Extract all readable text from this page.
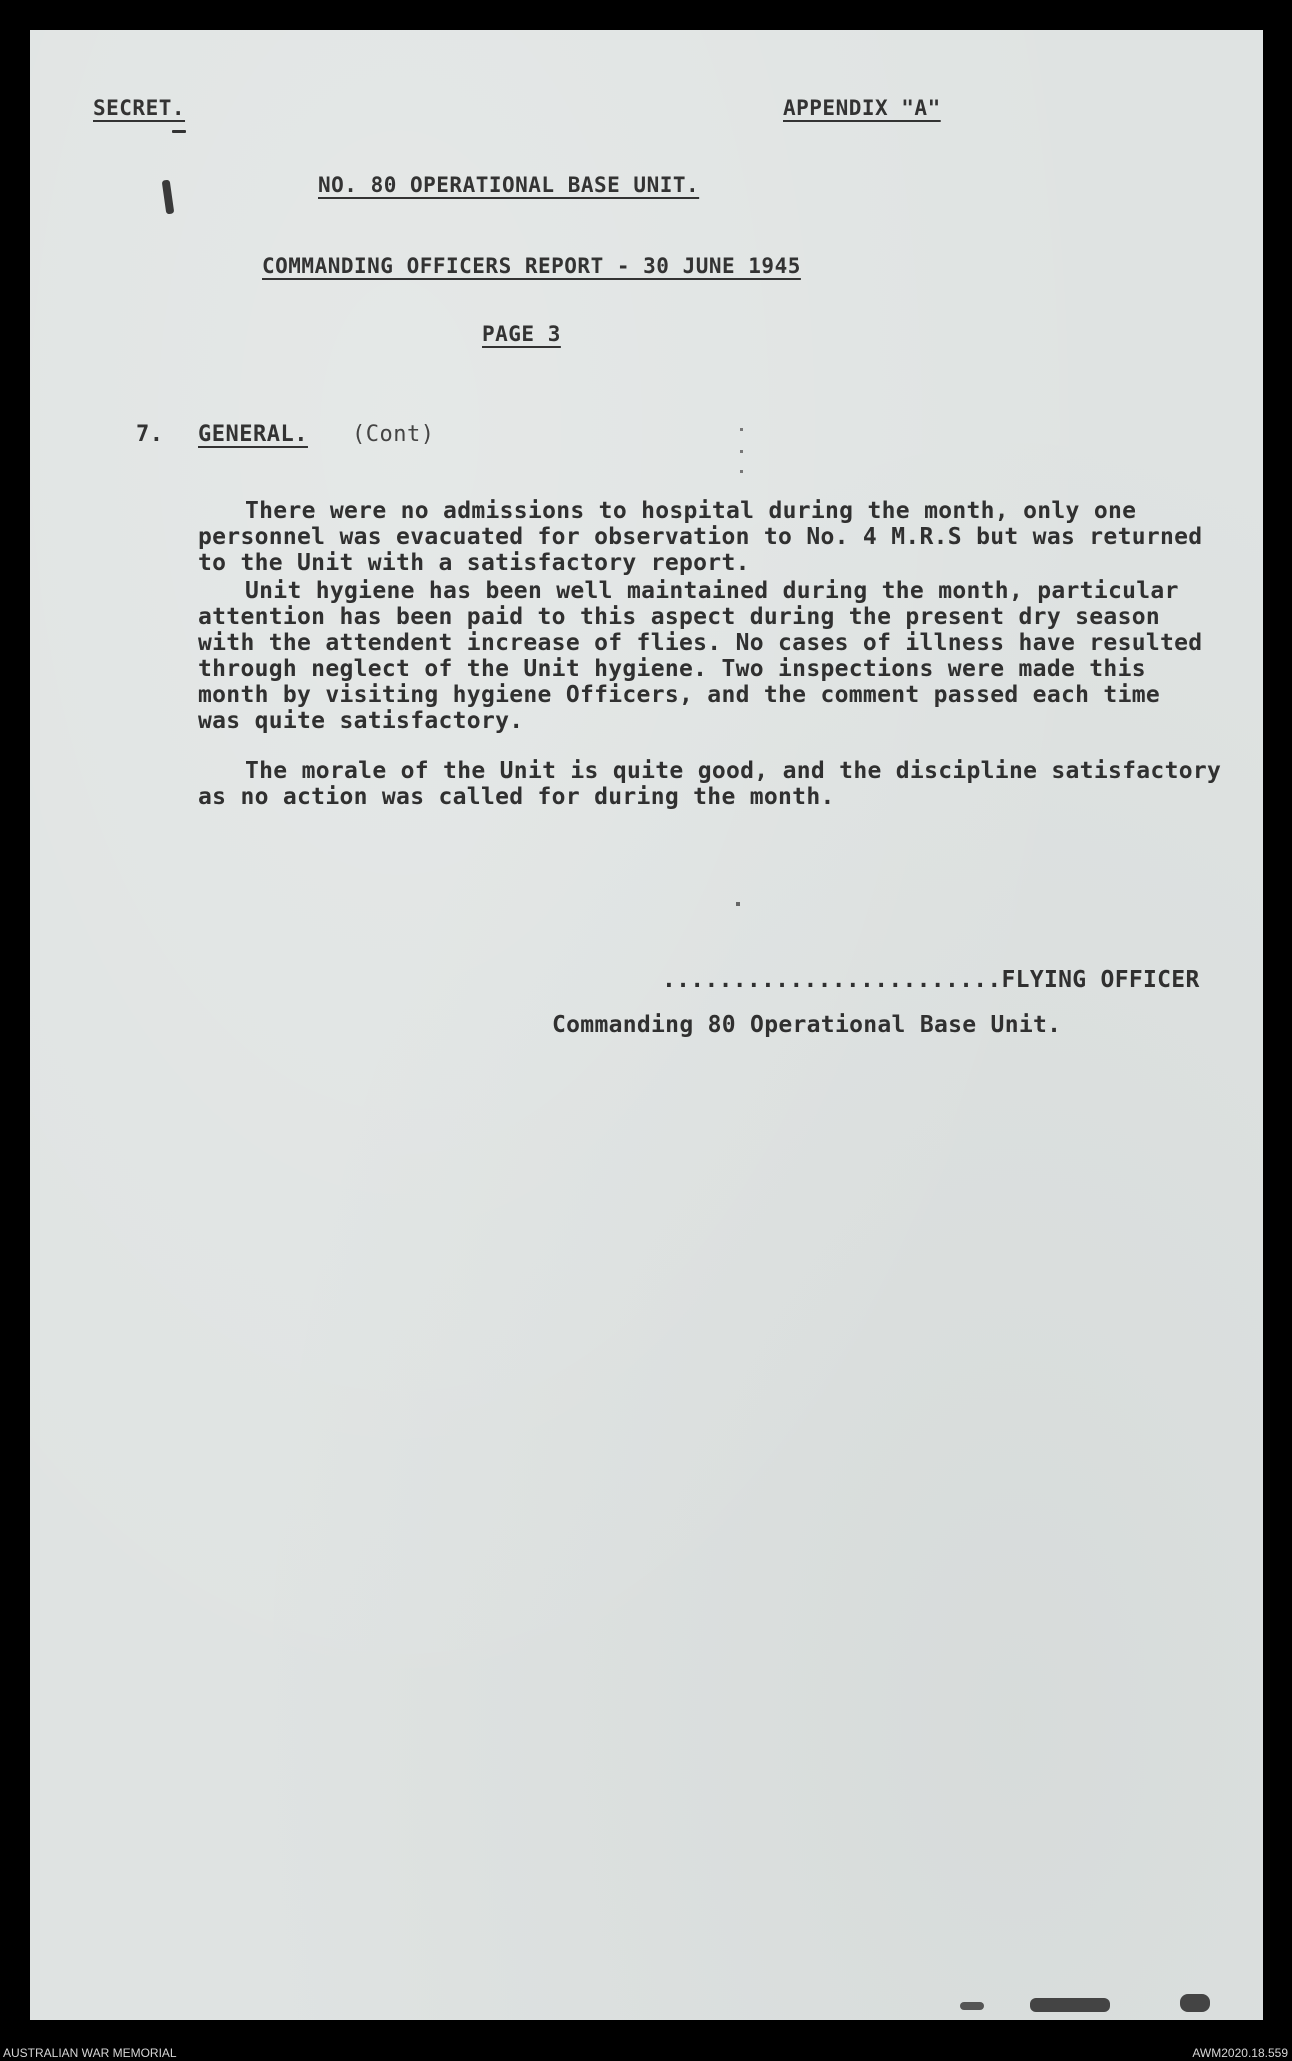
SECRET.	APPENDIX "A"
NO. 80 OPERATIONAL BASE UNIT.
COMMANDING OFFICERS REPORT - 30 JUNE 1945
PAGE 3
7. GENERAL. (Cont)
There were no admissions to hospital during the month, only one
personnel was evacuated for observation to No. 4 M.R.S but was returned
to the Unit with a satisfactory report.
Unit hygiene has been well maintained during the month, particular
attention has been paid to this aspect during the present dry season
with the attendent increase of flies. No cases of illness have resulted
through neglect of the Unit hygiene. Two inspections were made this
month by visiting hygiene Officers, and the comment passed each time
was quite satisfactory.
The morale of the Unit is quite good, and the discipline satisfactory
as no action was called for during the month.
........................FLYING OFFICER
Commanding 80 Operational Base Unit.
AUSTRALIAN WAR MEMORIAL	AWM2020.18.559
